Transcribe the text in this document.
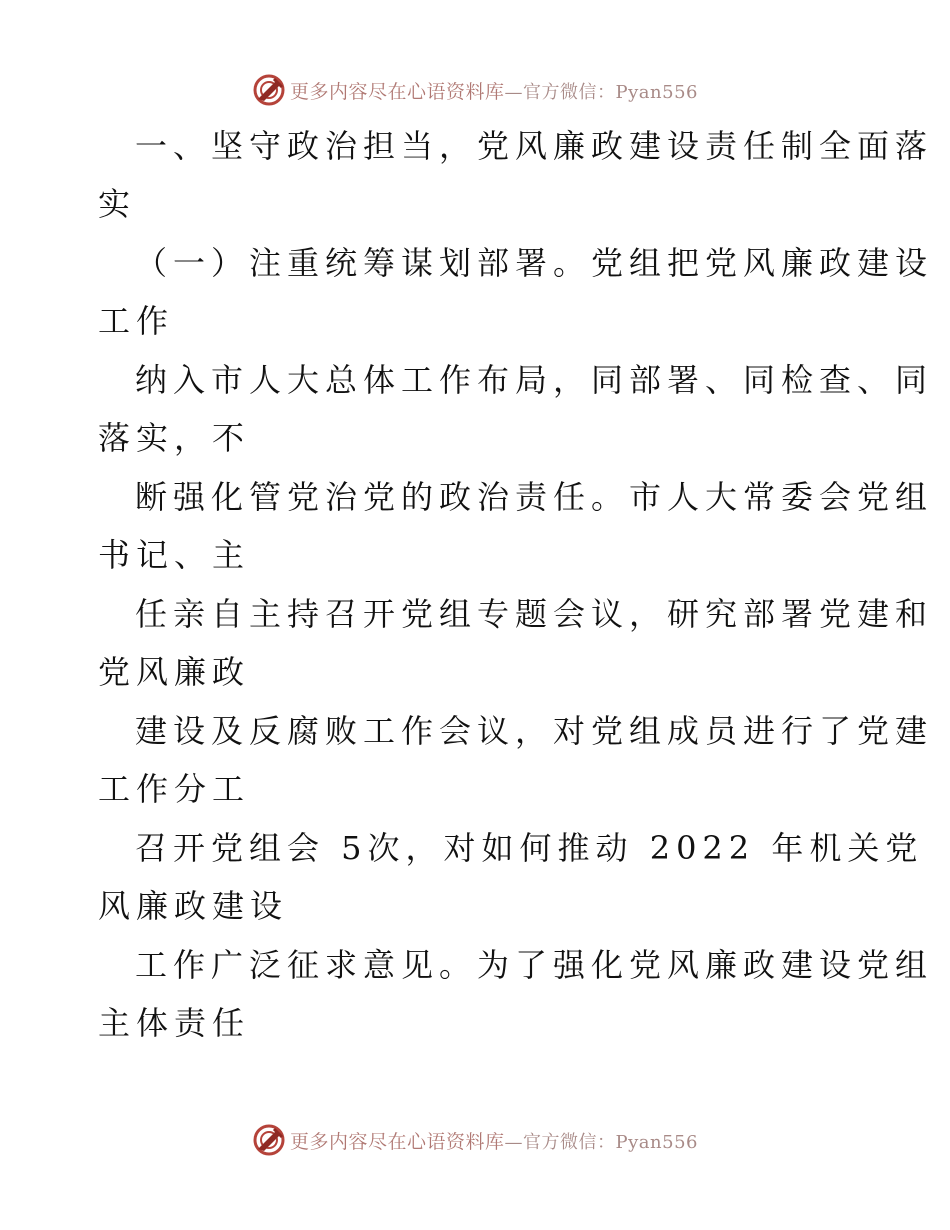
更多内容尽在心语资料库—官方微信：Pyan556
一、坚守政治担当，党风廉政建设责任制全面落
实
（一）注重统筹谋划部署。党组把党风廉政建设
工作
纳入市人大总体工作布局，同部署、同检查、同
落实，不
断强化管党治党的政治责任。市人大常委会党组
书记、主
任亲自主持召开党组专题会议，研究部署党建和
党风廉政
建设及反腐败工作会议，对党组成员进行了党建
工作分工
召开党组会 5次，对如何推动 2022 年机关党
风廉政建设
工作广泛征求意见。为了强化党风廉政建设党组
主体责任
更多内容尽在心语资料库—官方微信：Pyan556
